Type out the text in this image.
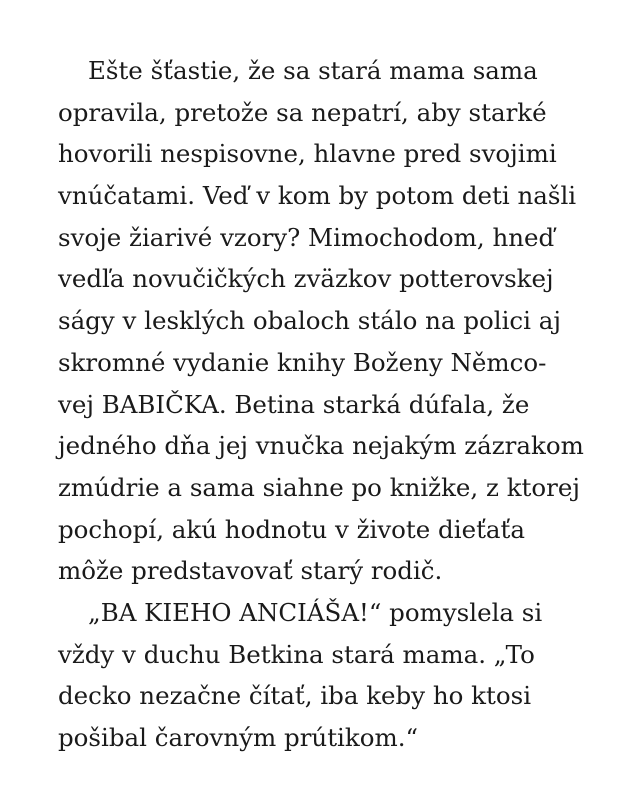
Ešte šťastie, že sa stará mama sama
opravila, pretože sa nepatrí, aby starké
hovorili nespisovne, hlavne pred svojimi
vnúčatami. Veď v kom by potom deti našli
svoje žiarivé vzory? Mimochodom, hneď
vedľa novučičkých zväzkov potterovskej
ságy v lesklých obaloch stálo na polici aj
skromné vydanie knihy Boženy Němco-
vej BABIČKA. Betina starká dúfala, že
jedného dňa jej vnučka nejakým zázrakom
zmúdrie a sama siahne po knižke, z ktorej
pochopí, akú hodnotu v živote dieťaťa
môže predstavovať starý rodič.

„BA KIEHO ANCIÁŠA!“ pomyslela si
vždy v duchu Betkina stará mama. „To
decko nezačne čítať, iba keby ho ktosi
pošibal čarovným prútikom.“
